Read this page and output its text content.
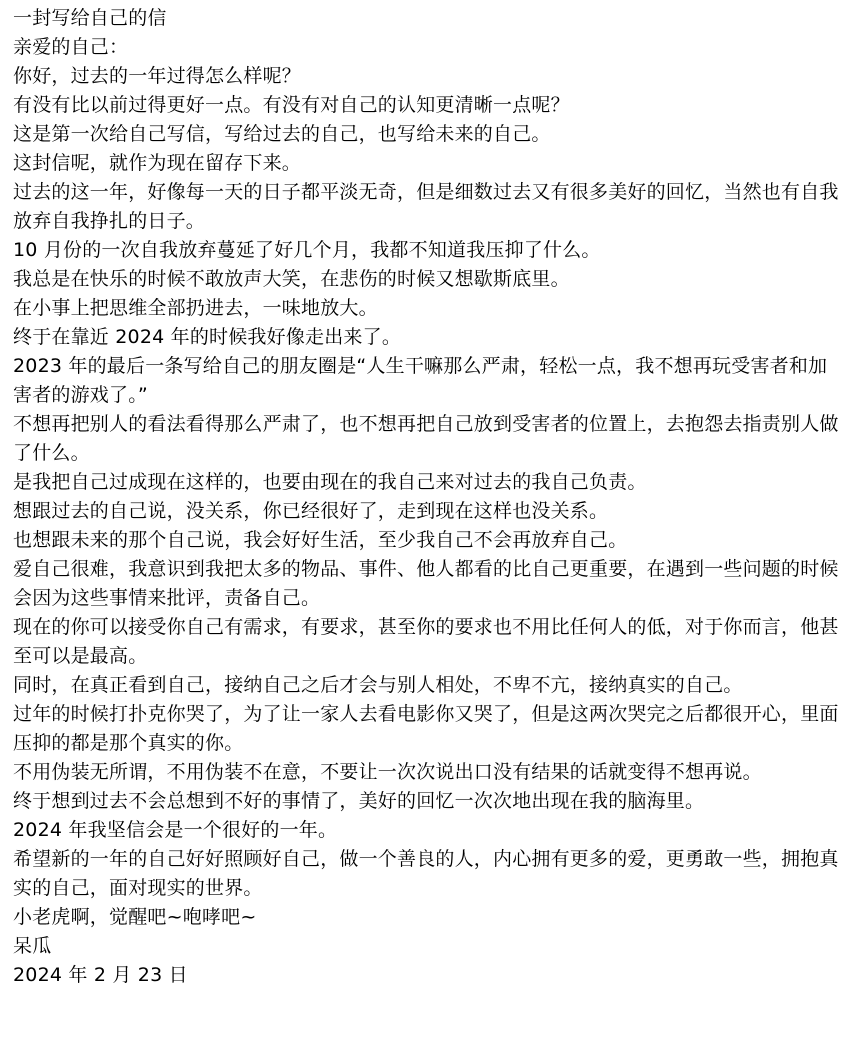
一封写给自己的信

亲爱的自己：

你好，过去的一年过得怎么样呢？

有没有比以前过得更好一点。有没有对自己的认知更清晰一点呢？

这是第一次给自己写信，写给过去的自己，也写给未来的自己。

这封信呢，就作为现在留存下来。

过去的这一年，好像每一天的日子都平淡无奇，但是细数过去又有很多美好的回忆，当然也有自我放弃自我挣扎的日子。

10 月份的一次自我放弃蔓延了好几个月，我都不知道我压抑了什么。

我总是在快乐的时候不敢放声大笑，在悲伤的时候又想歇斯底里。

在小事上把思维全部扔进去，一味地放大。

终于在靠近 2024 年的时候我好像走出来了。

2023 年的最后一条写给自己的朋友圈是“人生干嘛那么严肃，轻松一点，我不想再玩受害者和加害者的游戏了。”

不想再把别人的看法看得那么严肃了，也不想再把自己放到受害者的位置上，去抱怨去指责别人做了什么。

是我把自己过成现在这样的，也要由现在的我自己来对过去的我自己负责。

想跟过去的自己说，没关系，你已经很好了，走到现在这样也没关系。

也想跟未来的那个自己说，我会好好生活，至少我自己不会再放弃自己。

爱自己很难，我意识到我把太多的物品、事件、他人都看的比自己更重要，在遇到一些问题的时候会因为这些事情来批评，责备自己。

现在的你可以接受你自己有需求，有要求，甚至你的要求也不用比任何人的低，对于你而言，他甚至可以是最高。

同时，在真正看到自己，接纳自己之后才会与别人相处，不卑不亢，接纳真实的自己。

过年的时候打扑克你哭了，为了让一家人去看电影你又哭了，但是这两次哭完之后都很开心，里面压抑的都是那个真实的你。

不用伪装无所谓，不用伪装不在意，不要让一次次说出口没有结果的话就变得不想再说。

终于想到过去不会总想到不好的事情了，美好的回忆一次次地出现在我的脑海里。

2024 年我坚信会是一个很好的一年。

希望新的一年的自己好好照顾好自己，做一个善良的人，内心拥有更多的爱，更勇敢一些，拥抱真实的自己，面对现实的世界。

小老虎啊，觉醒吧~咆哮吧~

呆瓜

2024 年 2 月 23 日
